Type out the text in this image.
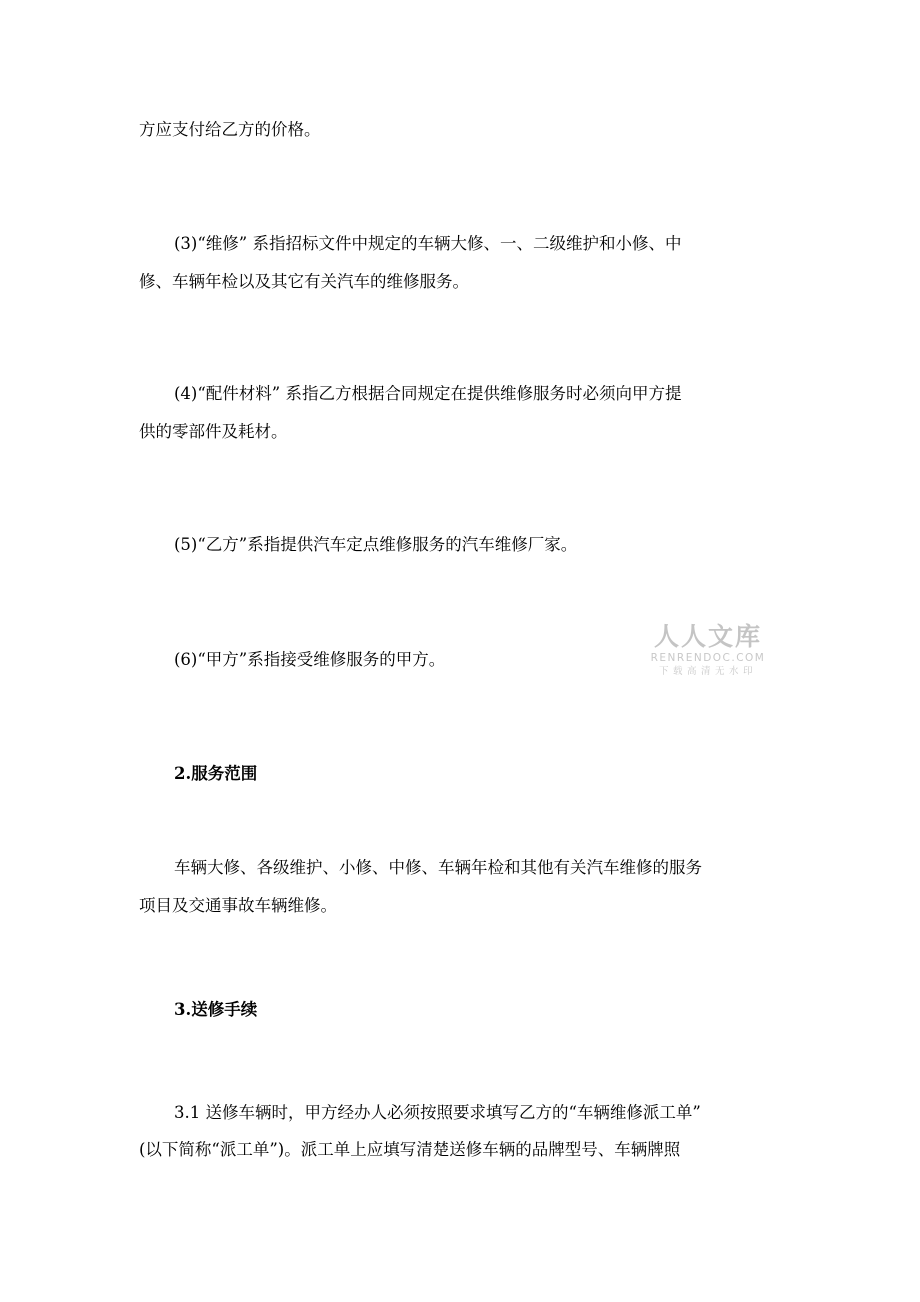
方应支付给乙方的价格。

(3)“维修” 系指招标文件中规定的车辆大修、一、二级维护和小修、中

修、车辆年检以及其它有关汽车的维修服务。

(4)“配件材料” 系指乙方根据合同规定在提供维修服务时必须向甲方提

供的零部件及耗材。

(5)“乙方”系指提供汽车定点维修服务的汽车维修厂家。

(6)“甲方”系指接受维修服务的甲方。

人人文库
RENRENDOC.COM
下载高清无水印

2.服务范围

车辆大修、各级维护、小修、中修、车辆年检和其他有关汽车维修的服务

项目及交通事故车辆维修。

3.送修手续

3.1 送修车辆时，甲方经办人必须按照要求填写乙方的“车辆维修派工单”

(以下简称“派工单”)。派工单上应填写清楚送修车辆的品牌型号、车辆牌照
